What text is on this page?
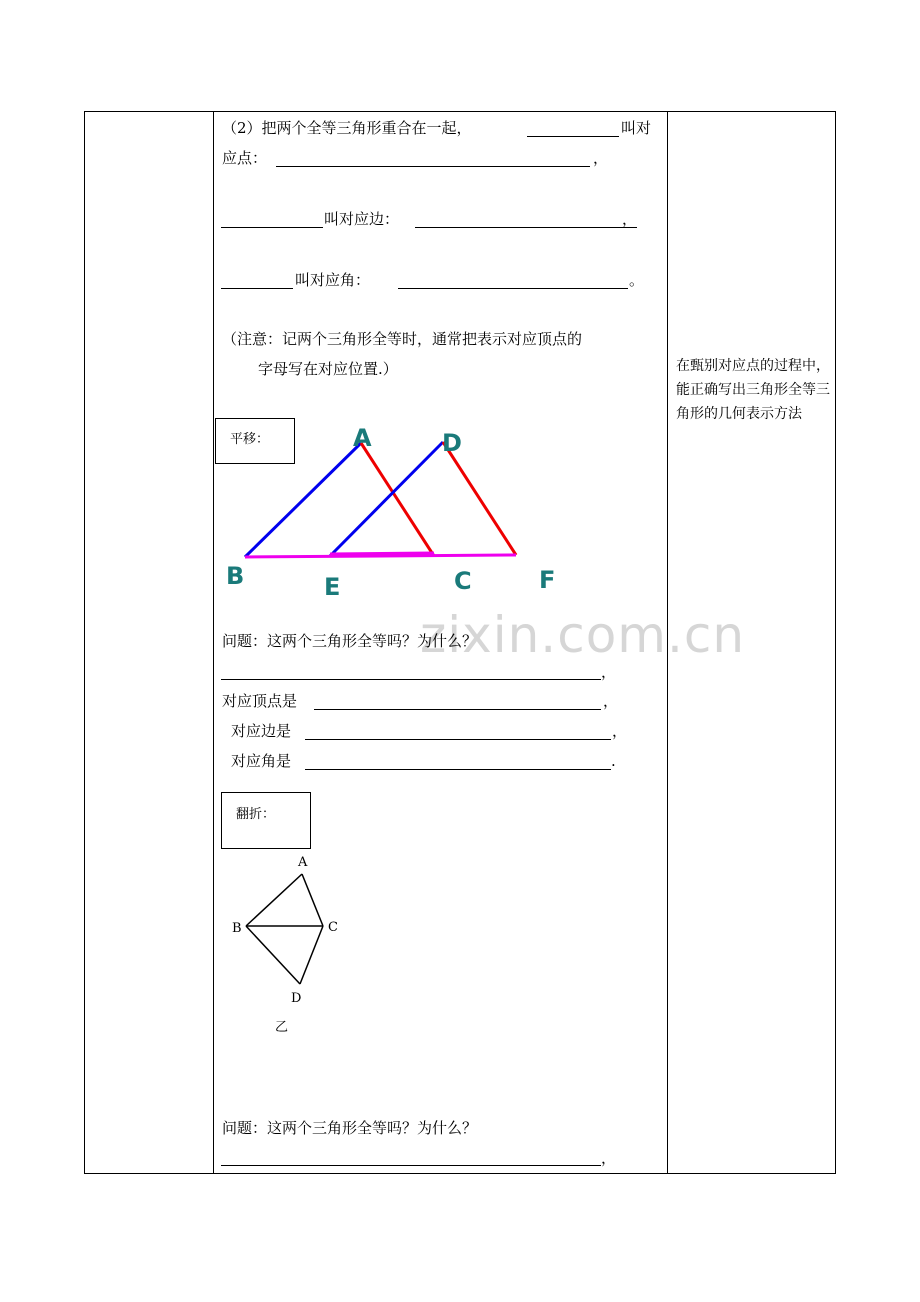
（2）把两个全等三角形重合在一起，	叫对
应点：	，
叫对应边：	，
叫对应角：	。
（注意：记两个三角形全等时，通常把表示对应顶点的
字母写在对应位置.）
平移：	A	D
B	E	C	F
zixin.com.cn
问题：这两个三角形全等吗？为什么？
，
对应顶点是	，
对应边是	，
对应角是	.
翻折：
A
B	C
D
乙
问题：这两个三角形全等吗？为什么？
，
在甄别对应点的过程中，能正确写出三角形全等三角形的几何表示方法
